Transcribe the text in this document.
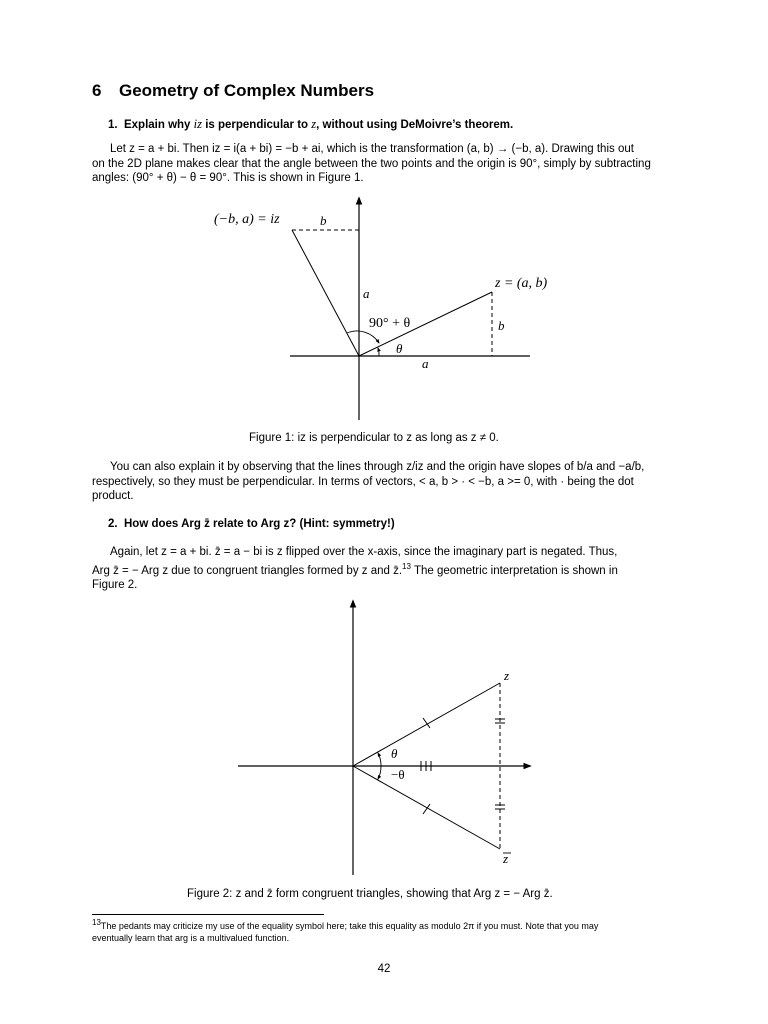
6 Geometry of Complex Numbers
1. Explain why iz is perpendicular to z, without using DeMoivre’s theorem.

Let z = a + bi. Then iz = i(a + bi) = −b + ai, which is the transformation (a, b) → (−b, a). Drawing this out
on the 2D plane makes clear that the angle between the two points and the origin is 90°, simply by subtracting
angles: (90° + θ) − θ = 90°. This is shown in Figure 1.

(−b, a) = iz	b
z = (a, b)
a
90° + θ
θ
b
a
Figure 1: iz is perpendicular to z as long as z ≠ 0.

You can also explain it by observing that the lines through z/iz and the origin have slopes of b/a and −a/b,
respectively, so they must be perpendicular. In terms of vectors, < a, b > · < −b, a >= 0, with · being the dot
product.

2. How does Arg z̄ relate to Arg z? (Hint: symmetry!)

Again, let z = a + bi. z̄ = a − bi is z flipped over the x-axis, since the imaginary part is negated. Thus,
Arg z̄ = − Arg z due to congruent triangles formed by z and z̄.$^{13}$ The geometric interpretation is shown in
Figure 2.

z
z
θ
−θ
Figure 2: z and z̄ form congruent triangles, showing that Arg z = − Arg z̄.

$^{13}$The pedants may criticize my use of the equality symbol here; take this equality as modulo 2π if you must. Note that you may
eventually learn that arg is a multivalued function.

42
